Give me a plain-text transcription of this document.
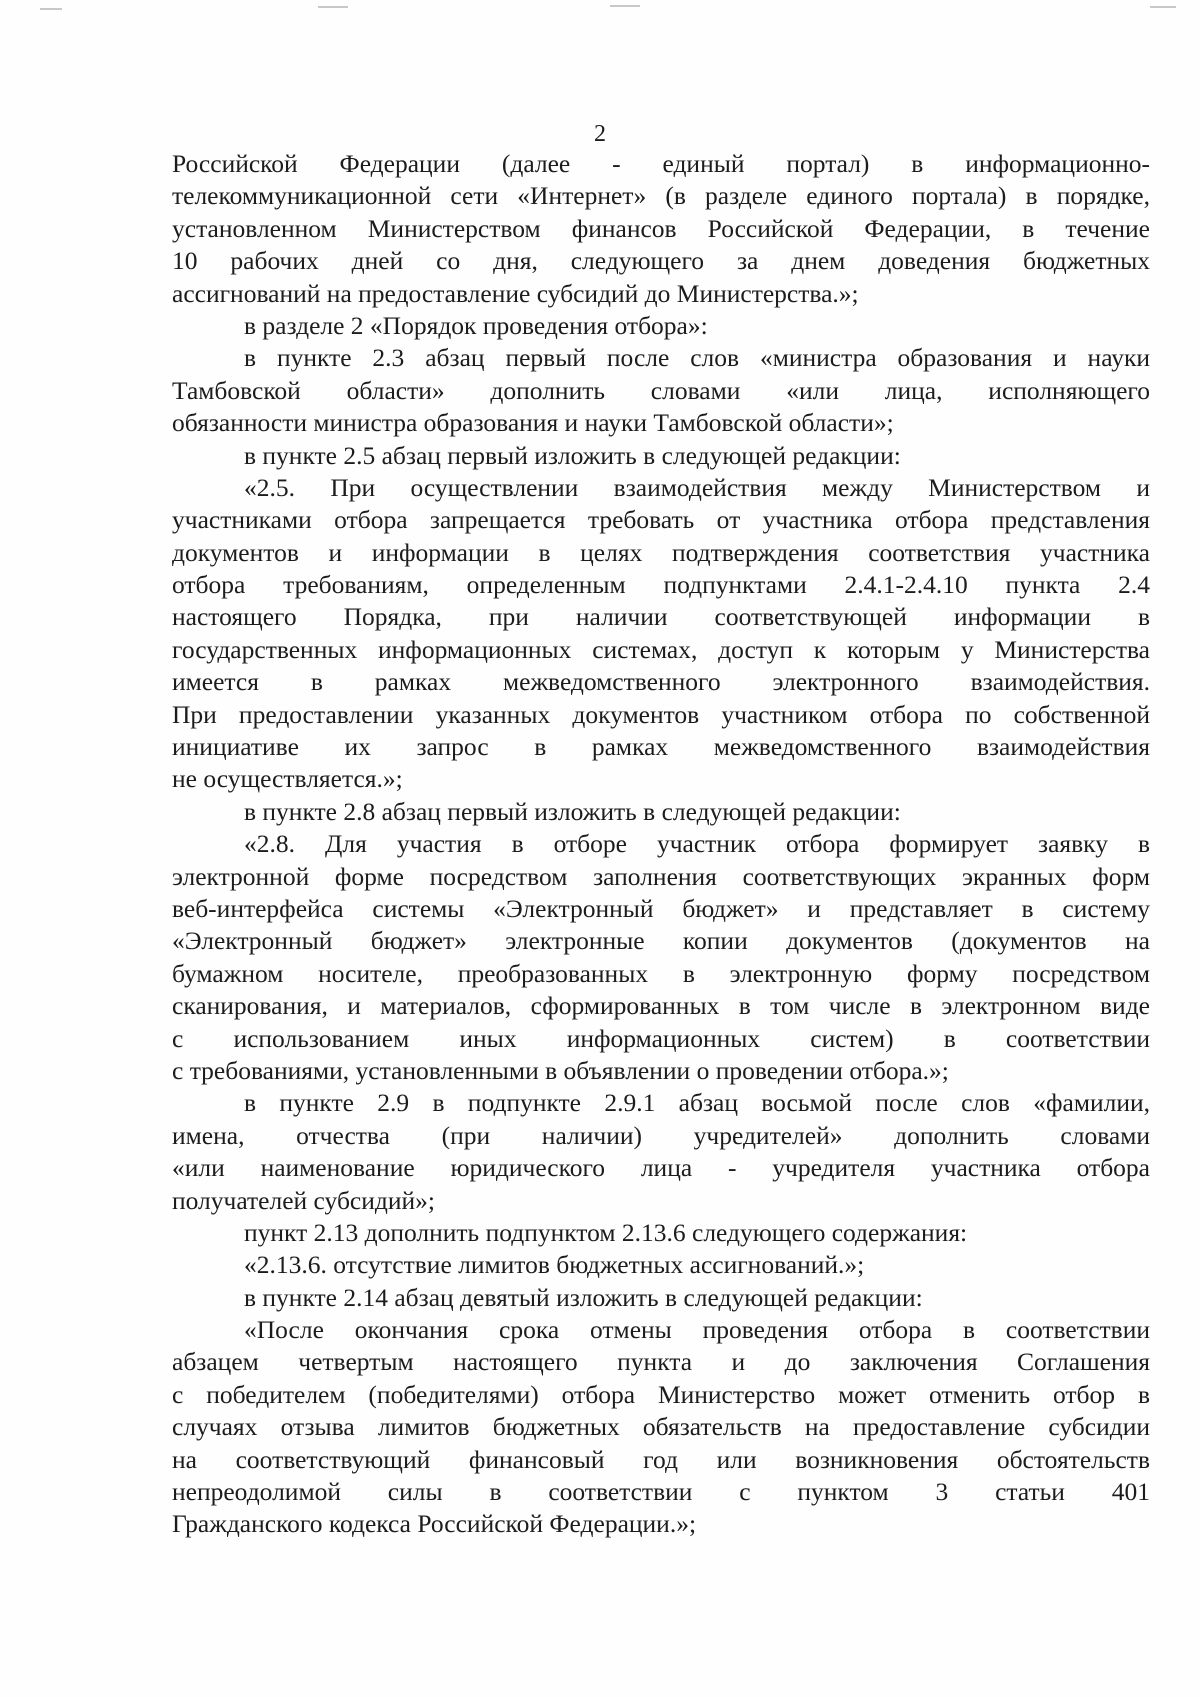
2
Российской Федерации (далее - единый портал) в информационно-
телекоммуникационной сети «Интернет» (в разделе единого портала) в порядке,
установленном Министерством финансов Российской Федерации, в течение
10 рабочих дней со дня, следующего за днем доведения бюджетных
ассигнований на предоставление субсидий до Министерства.»;
в разделе 2 «Порядок проведения отбора»:
в пункте 2.3 абзац первый после слов «министра образования и науки
Тамбовской области» дополнить словами «или лица, исполняющего
обязанности министра образования и науки Тамбовской области»;
в пункте 2.5 абзац первый изложить в следующей редакции:
«2.5. При осуществлении взаимодействия между Министерством и
участниками отбора запрещается требовать от участника отбора представления
документов и информации в целях подтверждения соответствия участника
отбора требованиям, определенным подпунктами 2.4.1-2.4.10 пункта 2.4
настоящего Порядка, при наличии соответствующей информации в
государственных информационных системах, доступ к которым у Министерства
имеется в рамках межведомственного электронного взаимодействия.
При предоставлении указанных документов участником отбора по собственной
инициативе их запрос в рамках межведомственного взаимодействия
не осуществляется.»;
в пункте 2.8 абзац первый изложить в следующей редакции:
«2.8. Для участия в отборе участник отбора формирует заявку в
электронной форме посредством заполнения соответствующих экранных форм
веб-интерфейса системы «Электронный бюджет» и представляет в систему
«Электронный бюджет» электронные копии документов (документов на
бумажном носителе, преобразованных в электронную форму посредством
сканирования, и материалов, сформированных в том числе в электронном виде
с использованием иных информационных систем) в соответствии
с требованиями, установленными в объявлении о проведении отбора.»;
в пункте 2.9 в подпункте 2.9.1 абзац восьмой после слов «фамилии,
имена, отчества (при наличии) учредителей» дополнить словами
«или наименование юридического лица - учредителя участника отбора
получателей субсидий»;
пункт 2.13 дополнить подпунктом 2.13.6 следующего содержания:
«2.13.6. отсутствие лимитов бюджетных ассигнований.»;
в пункте 2.14 абзац девятый изложить в следующей редакции:
«После окончания срока отмены проведения отбора в соответствии
абзацем четвертым настоящего пункта и до заключения Соглашения
с победителем (победителями) отбора Министерство может отменить отбор в
случаях отзыва лимитов бюджетных обязательств на предоставление субсидии
на соответствующий финансовый год или возникновения обстоятельств
непреодолимой силы в соответствии с пунктом 3 статьи 401
Гражданского кодекса Российской Федерации.»;
